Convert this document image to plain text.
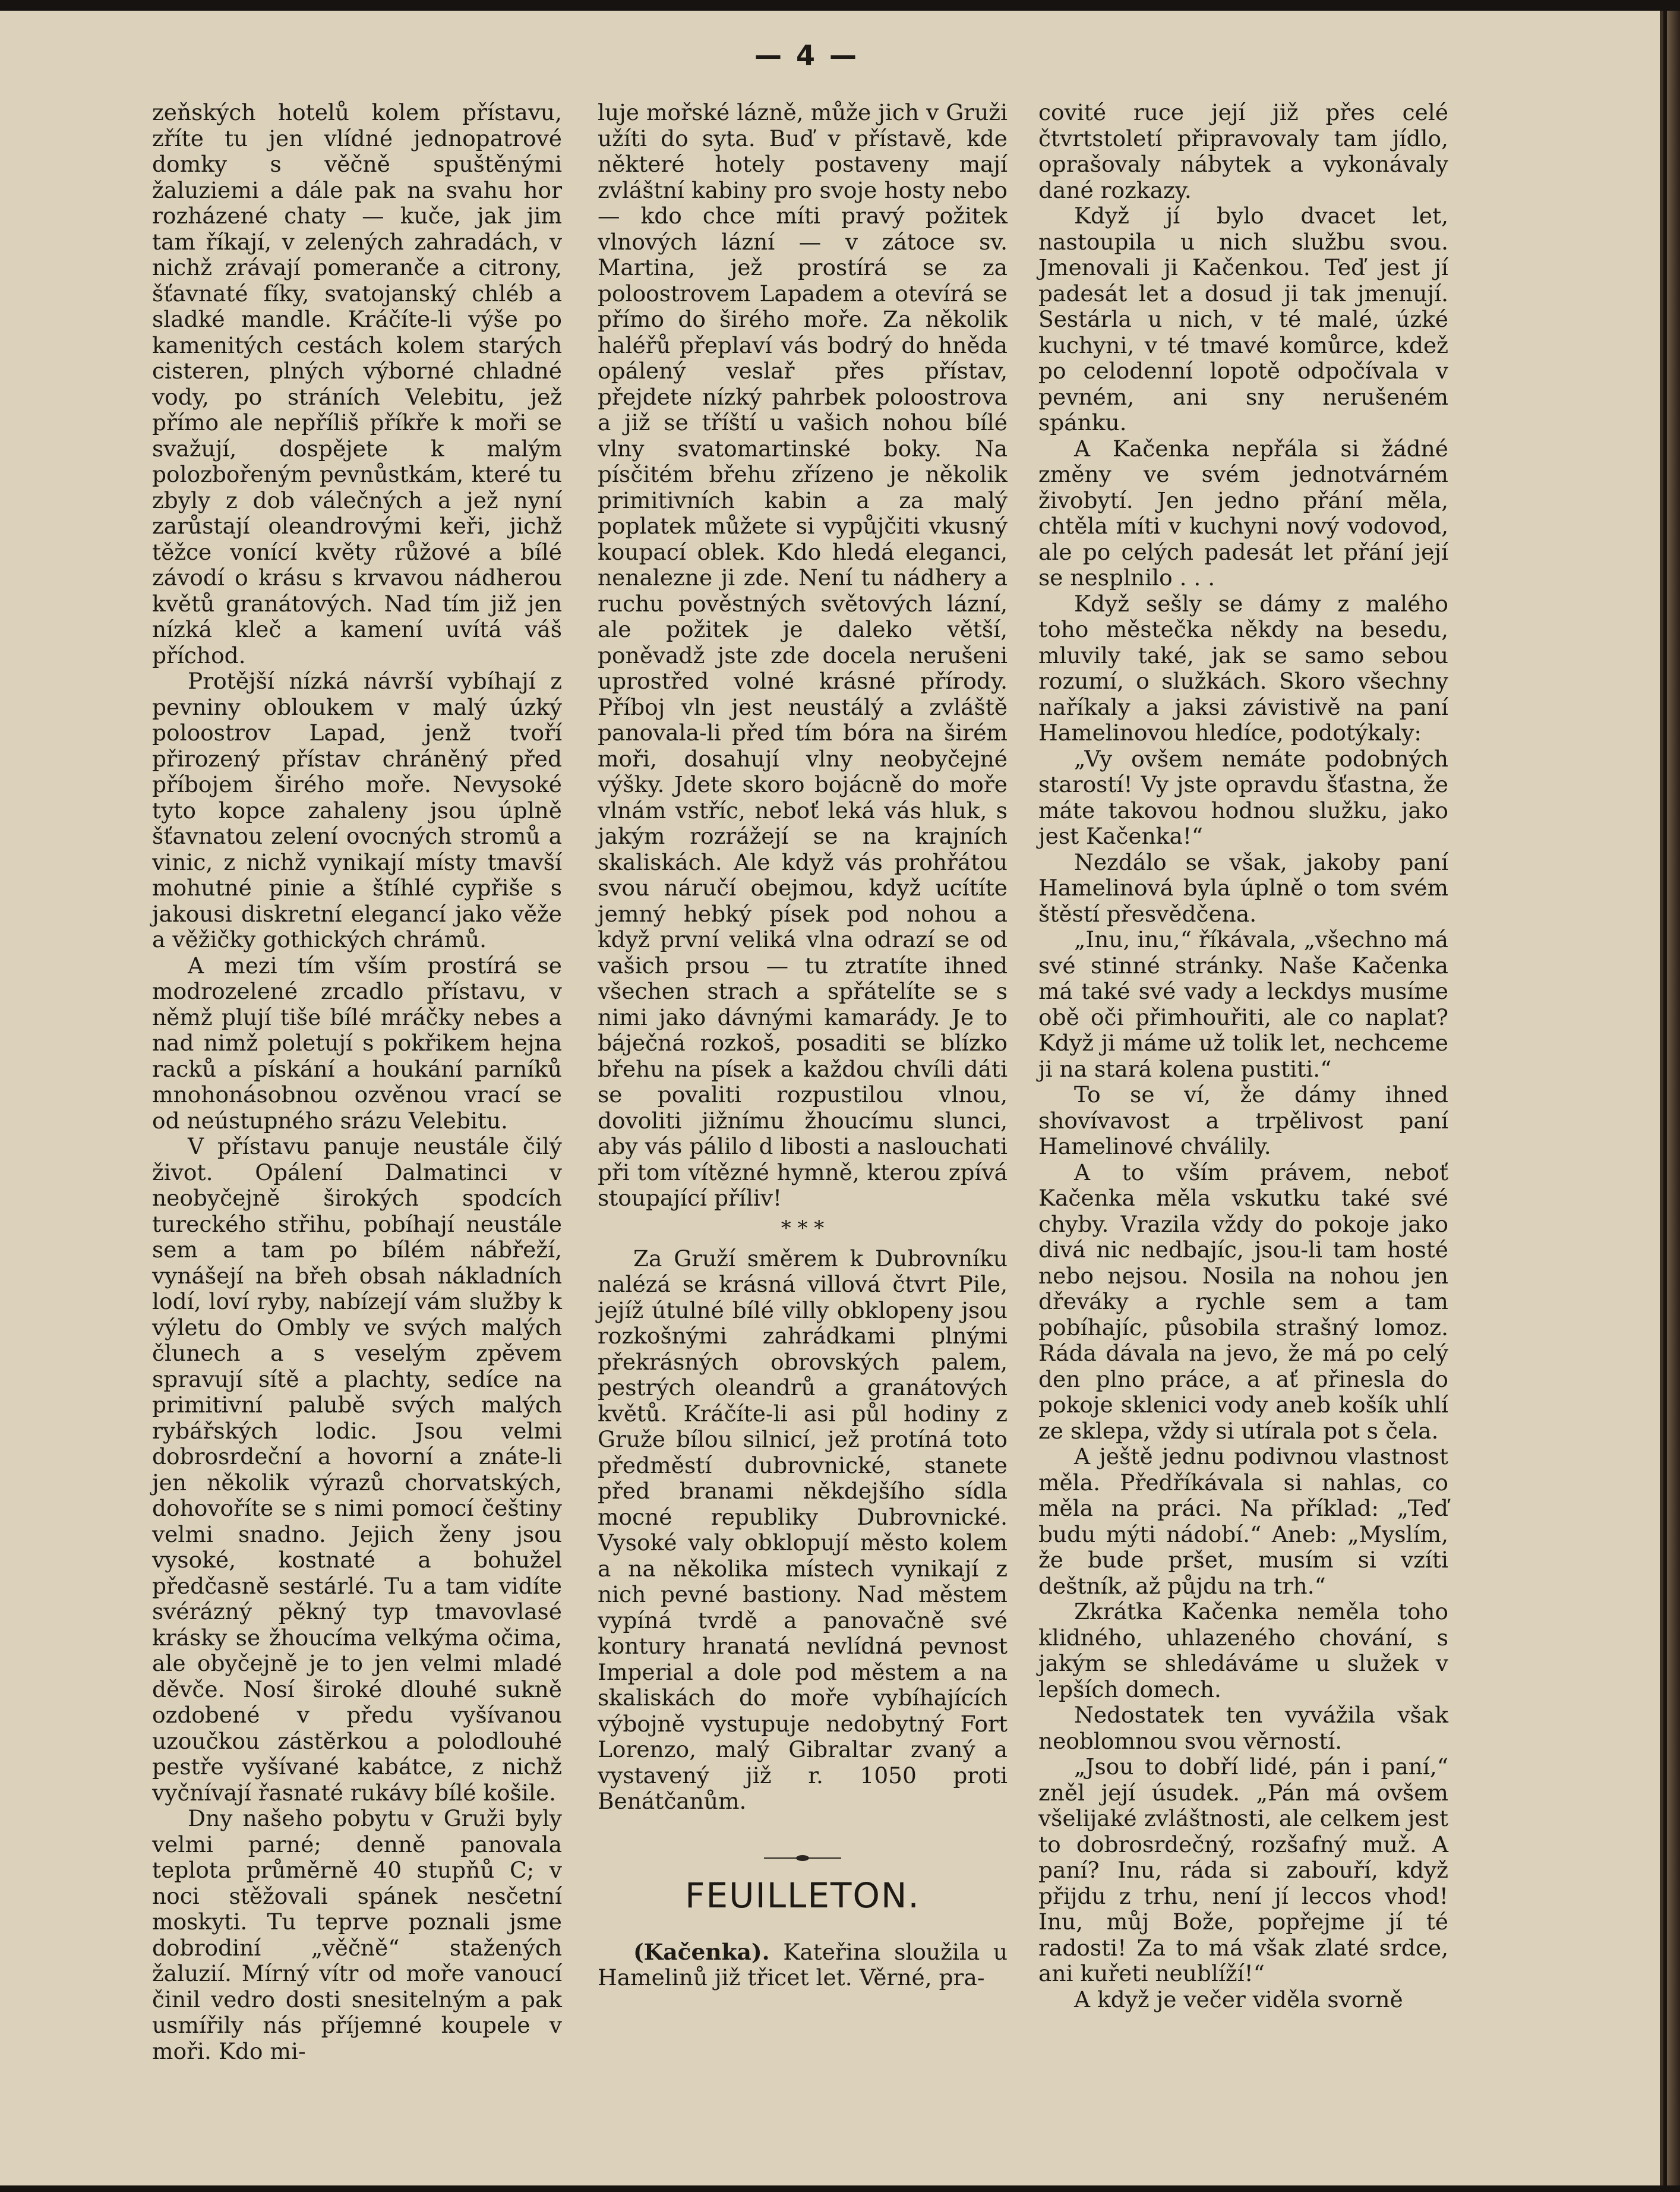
— 4 —

zeňských hotelů kolem přístavu, zříte tu jen vlídné jednopatrové domky s věčně spuštěnými žaluziemi a dále pak na svahu hor rozházené chaty — kuče, jak jim tam říkají, v zelených zahradách, v nichž zrávají pomeranče a citrony, šťavnaté fíky, svatojanský chléb a sladké mandle. Kráčíte-li výše po kamenitých cestách kolem starých cisteren, plných výborné chladné vody, po stráních Velebitu, jež přímo ale nepříliš příkře k moři se svažují, dospějete k malým polozbořeným pevnůstkám, které tu zbyly z dob válečných a jež nyní zarůstají oleandrovými keři, jichž těžce vonící květy růžové a bílé závodí o krásu s krvavou nádherou květů granátových. Nad tím již jen nízká kleč a kamení uvítá váš příchod.

Protější nízká návrší vybíhají z pevniny obloukem v malý úzký poloostrov Lapad, jenž tvoří přirozený přístav chráněný před příbojem širého moře. Nevysoké tyto kopce zahaleny jsou úplně šťavnatou zelení ovocných stromů a vinic, z nichž vynikají místy tmavší mohutné pinie a štíhlé cypřiše s jakousi diskretní elegancí jako věže a věžičky gothických chrámů.

A mezi tím vším prostírá se modrozelené zrcadlo přístavu, v němž plují tiše bílé mráčky nebes a nad nimž poletují s pokřikem hejna racků a pískání a houkání parníků mnohonásobnou ozvěnou vrací se od neústupného srázu Velebitu.

V přístavu panuje neustále čilý život. Opálení Dalmatinci v neobyčejně širokých spodcích tureckého střihu, pobíhají neustále sem a tam po bílém nábřeží, vynášejí na břeh obsah nákladních lodí, loví ryby, nabízejí vám služby k výletu do Ombly ve svých malých člunech a s veselým zpěvem spravují sítě a plachty, sedíce na primitivní palubě svých malých rybářských lodic. Jsou velmi dobrosrdeční a hovorní a znáte-li jen několik výrazů chorvatských, dohovoříte se s nimi pomocí češtiny velmi snadno. Jejich ženy jsou vysoké, kostnaté a bohužel předčasně sestárlé. Tu a tam vidíte svérázný pěkný typ tmavovlasé krásky se žhoucíma velkýma očima, ale obyčejně je to jen velmi mladé děvče. Nosí široké dlouhé sukně ozdobené v předu vyšívanou uzoučkou zástěrkou a polodlouhé pestře vyšívané kabátce, z nichž vyčnívají řasnaté rukávy bílé košile.

Dny našeho pobytu v Gruži byly velmi parné; denně panovala teplota průměrně 40 stupňů C; v noci stěžovali spánek nesčetní moskyti. Tu teprve poznali jsme dobrodiní „věčně“ stažených žaluzií. Mírný vítr od moře vanoucí činil vedro dosti snesitelným a pak usmířily nás příjemné koupele v moři. Kdo mi-

luje mořské lázně, může jich v Gruži užíti do syta. Buď v přístavě, kde některé hotely postaveny mají zvláštní kabiny pro svoje hosty nebo — kdo chce míti pravý požitek vlnových lázní — v zátoce sv. Martina, jež prostírá se za poloostrovem Lapadem a otevírá se přímo do širého moře. Za několik haléřů přeplaví vás bodrý do hněda opálený veslař přes přístav, přejdete nízký pahrbek poloostrova a již se tříští u vašich nohou bílé vlny svatomartinské boky. Na písčitém břehu zřízeno je několik primitivních kabin a za malý poplatek můžete si vypůjčiti vkusný koupací oblek. Kdo hledá eleganci, nenalezne ji zde. Není tu nádhery a ruchu pověstných světových lázní, ale požitek je daleko větší, poněvadž jste zde docela nerušeni uprostřed volné krásné přírody. Příboj vln jest neustálý a zvláště panovala-li před tím bóra na širém moři, dosahují vlny neobyčejné výšky. Jdete skoro bojácně do moře vlnám vstříc, neboť leká vás hluk, s jakým rozrážejí se na krajních skaliskách. Ale když vás prohřátou svou náručí obejmou, když ucítíte jemný hebký písek pod nohou a když první veliká vlna odrazí se od vašich prsou — tu ztratíte ihned všechen strach a spřátelíte se s nimi jako dávnými kamarády. Je to báječná rozkoš, posaditi se blízko břehu na písek a každou chvíli dáti se povaliti rozpustilou vlnou, dovoliti jižnímu žhoucímu slunci, aby vás pálilo d libosti a naslouchati při tom vítězné hymně, kterou zpívá stoupající příliv!

* * *

Za Gruží směrem k Dubrovníku nalézá se krásná villová čtvrt Pile, jejíž útulné bílé villy obklopeny jsou rozkošnými zahrádkami plnými překrásných obrovských palem, pestrých oleandrů a granátových květů. Kráčíte-li asi půl hodiny z Gruže bílou silnicí, jež protíná toto předměstí dubrovnické, stanete před branami někdejšího sídla mocné republiky Dubrovnické. Vysoké valy obklopují město kolem a na několika místech vynikají z nich pevné bastiony. Nad městem vypíná tvrdě a panovačně své kontury hranatá nevlídná pevnost Imperial a dole pod městem a na skaliskách do moře vybíhajících výbojně vystupuje nedobytný Fort Lorenzo, malý Gibraltar zvaný a vystavený již r. 1050 proti Benátčanům.

FEUILLETON.

(Kačenka). Kateřina sloužila u Hamelinů již třicet let. Věrné, pra-

covité ruce její již přes celé čtvrtstoletí připravovaly tam jídlo, oprašovaly nábytek a vykonávaly dané rozkazy.

Když jí bylo dvacet let, nastoupila u nich službu svou. Jmenovali ji Kačenkou. Teď jest jí padesát let a dosud ji tak jmenují. Sestárla u nich, v té malé, úzké kuchyni, v té tmavé komůrce, kdež po celodenní lopotě odpočívala v pevném, ani sny nerušeném spánku.

A Kačenka nepřála si žádné změny ve svém jednotvárném živobytí. Jen jedno přání měla, chtěla míti v kuchyni nový vodovod, ale po celých padesát let přání její se nesplnilo . . .

Když sešly se dámy z malého toho městečka někdy na besedu, mluvily také, jak se samo sebou rozumí, o služkách. Skoro všechny naříkaly a jaksi závistivě na paní Hamelinovou hledíce, podotýkaly:

„Vy ovšem nemáte podobných starostí! Vy jste opravdu šťastna, že máte takovou hodnou služku, jako jest Kačenka!“

Nezdálo se však, jakoby paní Hamelinová byla úplně o tom svém štěstí přesvědčena.

„Inu, inu,“ říkávala, „všechno má své stinné stránky. Naše Kačenka má také své vady a leckdys musíme obě oči přimhouřiti, ale co naplat? Když ji máme už tolik let, nechceme ji na stará kolena pustiti.“

To se ví, že dámy ihned shovívavost a trpělivost paní Hamelinové chválily.

A to vším právem, neboť Kačenka měla vskutku také své chyby. Vrazila vždy do pokoje jako divá nic nedbajíc, jsou-li tam hosté nebo nejsou. Nosila na nohou jen dřeváky a rychle sem a tam pobíhajíc, působila strašný lomoz. Ráda dávala na jevo, že má po celý den plno práce, a ať přinesla do pokoje sklenici vody aneb košík uhlí ze sklepa, vždy si utírala pot s čela.

A ještě jednu podivnou vlastnost měla. Předříkávala si nahlas, co měla na práci. Na příklad: „Teď budu mýti nádobí.“ Aneb: „Myslím, že bude pršet, musím si vzíti deštník, až půjdu na trh.“

Zkrátka Kačenka neměla toho klidného, uhlazeného chování, s jakým se shledáváme u služek v lepších domech.

Nedostatek ten vyvážila však neoblomnou svou věrností.

„Jsou to dobří lidé, pán i paní,“ zněl její úsudek. „Pán má ovšem všelijaké zvláštnosti, ale celkem jest to dobrosrdečný, rozšafný muž. A paní? Inu, ráda si zabouří, když přijdu z trhu, není jí leccos vhod! Inu, můj Bože, popřejme jí té radosti! Za to má však zlaté srdce, ani kuřeti neublíží!“

A když je večer viděla svorně
